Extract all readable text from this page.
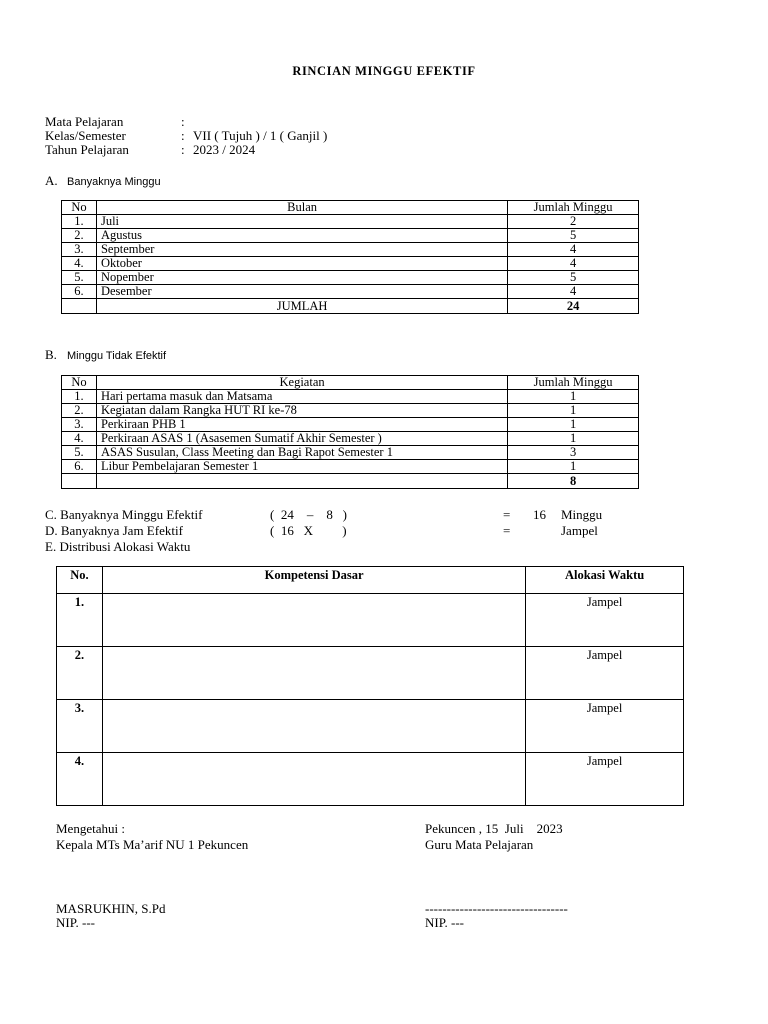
RINCIAN MINGGU EFEKTIF
Mata Pelajaran	:
Kelas/Semester	: VII ( Tujuh ) / 1 ( Ganjil )
Tahun Pelajaran	: 2023 / 2024
A. Banyaknya Minggu
No	Bulan	Jumlah Minggu
1.	Juli	2
2.	Agustus	5
3.	September	4
4.	Oktober	4
5.	Nopember	5
6.	Desember	4
	JUMLAH	24
B. Minggu Tidak Efektif
No	Kegiatan	Jumlah Minggu
1.	Hari pertama masuk dan Matsama	1
2.	Kegiatan dalam Rangka HUT RI ke-78	1
3.	Perkiraan PHB 1	1
4.	Perkiraan ASAS 1 (Asasemen Sumatif Akhir Semester )	1
5.	ASAS Susulan, Class Meeting dan Bagi Rapot Semester 1	3
6.	Libur Pembelajaran Semester 1	1
		8
C. Banyaknya Minggu Efektif	(  24    –    8   )	= 16 Minggu
D. Banyaknya Jam Efektif	(  16   X         )	=	Jampel
E. Distribusi Alokasi Waktu
No.	Kompetensi Dasar	Alokasi Waktu
1.		Jampel
2.		Jampel
3.		Jampel
4.		Jampel
Mengetahui :
Kepala MTs Ma’arif NU 1 Pekuncen
MASRUKHIN, S.Pd
NIP. ---
Pekuncen , 15  Juli    2023
Guru Mata Pelajaran
---------------------------------
NIP. ---
